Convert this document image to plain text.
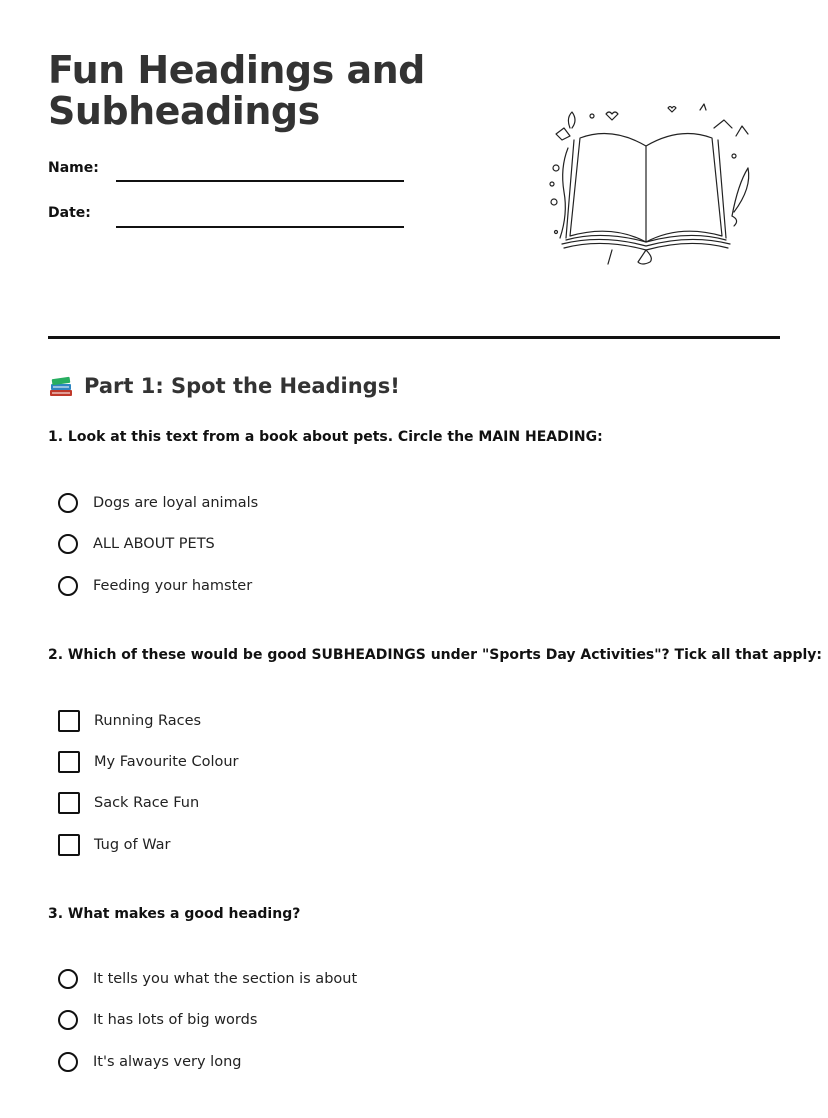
Fun Headings and
Subheadings
Name:
Date:
Part 1: Spot the Headings!

1. Look at this text from a book about pets. Circle the MAIN HEADING:

Dogs are loyal animals
ALL ABOUT PETS
Feeding your hamster

2. Which of these would be good SUBHEADINGS under "Sports Day Activities"? Tick all that apply:

Running Races
My Favourite Colour
Sack Race Fun
Tug of War

3. What makes a good heading?

It tells you what the section is about
It has lots of big words
It's always very long
